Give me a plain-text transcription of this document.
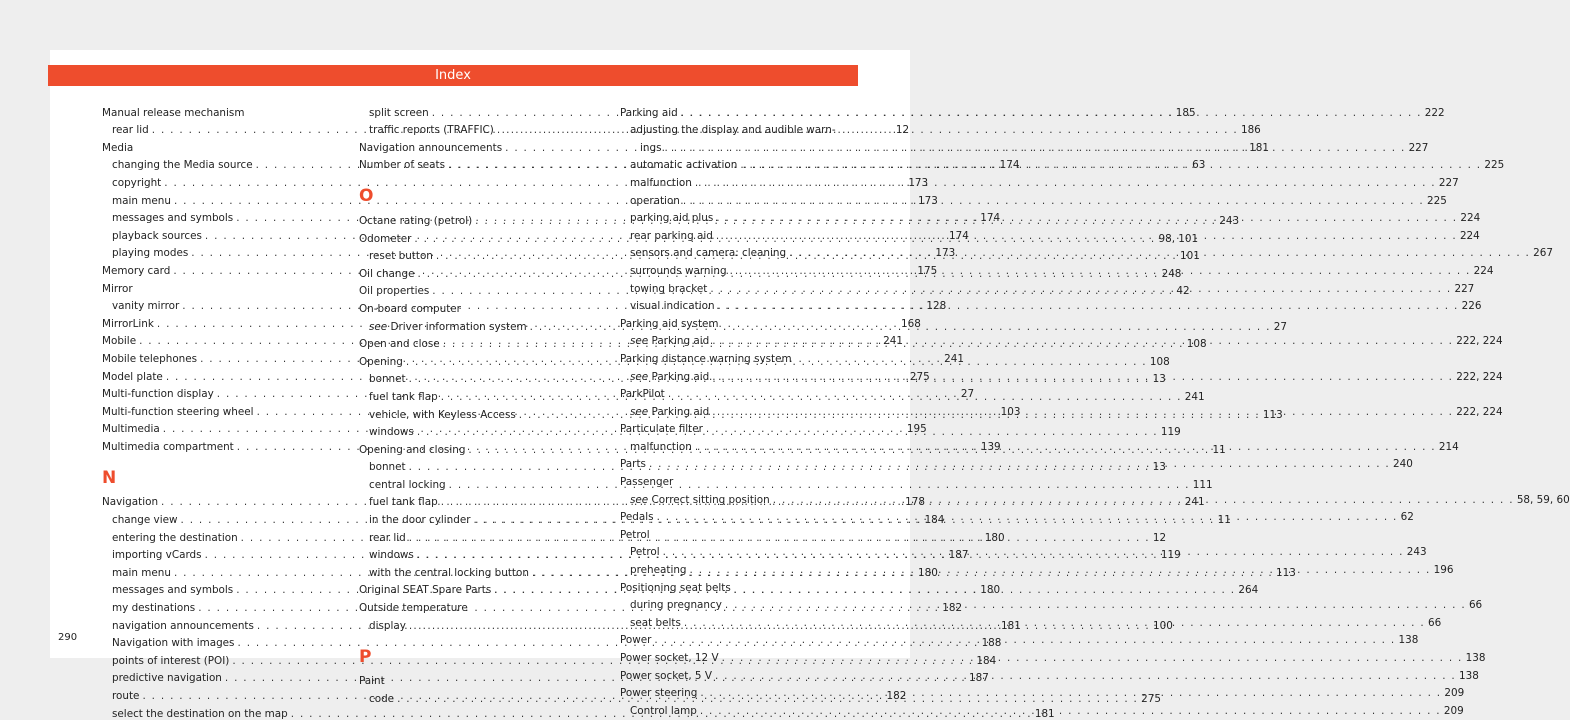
Index
Manual release mechanism
rear lid . . .	12
Media
changing the Media source . . .	174
copyright . . .	173
main menu . . .	173
messages and symbols . . .	174
playback sources . . .	174
playing modes . . .	173
Memory card . . .	175
Mirror
vanity mirror . . .	128
MirrorLink . . .	168
Mobile . . .	241
Mobile telephones . . .	241
Model plate . . .	275
Multi-function display . . .	27
Multi-function steering wheel . . .	103
Multimedia . . .	195
Multimedia compartment . . .	139
N
Navigation . . .	178
change view . . .	184
entering the destination . . .	180
importing vCards . . .	187
main menu . . .	180
messages and symbols . . .	180
my destinations . . .	182
navigation announcements . . .	181
Navigation with images . . .	188
points of interest (POI) . . .	184
predictive navigation . . .	187
route . . .	182
select the destination on the map . . .	181
split screen . . .	185
traffic reports (TRAFFIC) . . .	186
Navigation announcements . . .	181
Number of seats . . .	63
O
Octane rating (petrol) . . .	243
Odometer . . .	98, 101
reset button . . .	101
Oil change . . .	248
Oil properties . . .	42
On-board computer
see Driver information system . . .	27
Open and close . . .	108
Opening . . .	108
bonnet . . .	13
fuel tank flap . . .	241
vehicle, with Keyless Access . . .	113
windows . . .	119
Opening and closing . . .	11
bonnet . . .	13
central locking . . .	111
fuel tank flap . . .	241
in the door cylinder . . .	11
rear lid . . .	12
windows . . .	119
with the central locking button . . .	113
Original SEAT Spare Parts . . .	264
Outside temperature
display . . .	100
P
Paint
code . . .	275
Parking aid . . .	222
adjusting the display and audible warn-
ings . . .	227
automatic activation . . .	225
malfunction . . .	227
operation . . .	225
parking aid plus . . .	224
rear parking aid . . .	224
sensors and camera: cleaning . . .	267
surrounds warning . . .	224
towing bracket . . .	227
visual indication . . .	226
Parking aid system
see Parking aid . . .	222, 224
Parking distance warning system
see Parking aid . . .	222, 224
ParkPilot
see Parking aid . . .	222, 224
Particulate filter
malfunction . . .	214
Parts . . .	240
Passenger
see Correct sitting position . . .	58, 59, 60
Pedals . . .	62
Petrol
Petrol . . .	243
preheating . . .	196
Positioning seat belts
during pregnancy . . .	66
seat belts . . .	66
Power . . .	138
Power socket, 12 V . . .	138
Power socket, 5 V . . .	138
Power steering . . .	209
Control lamp . . .	209
290
